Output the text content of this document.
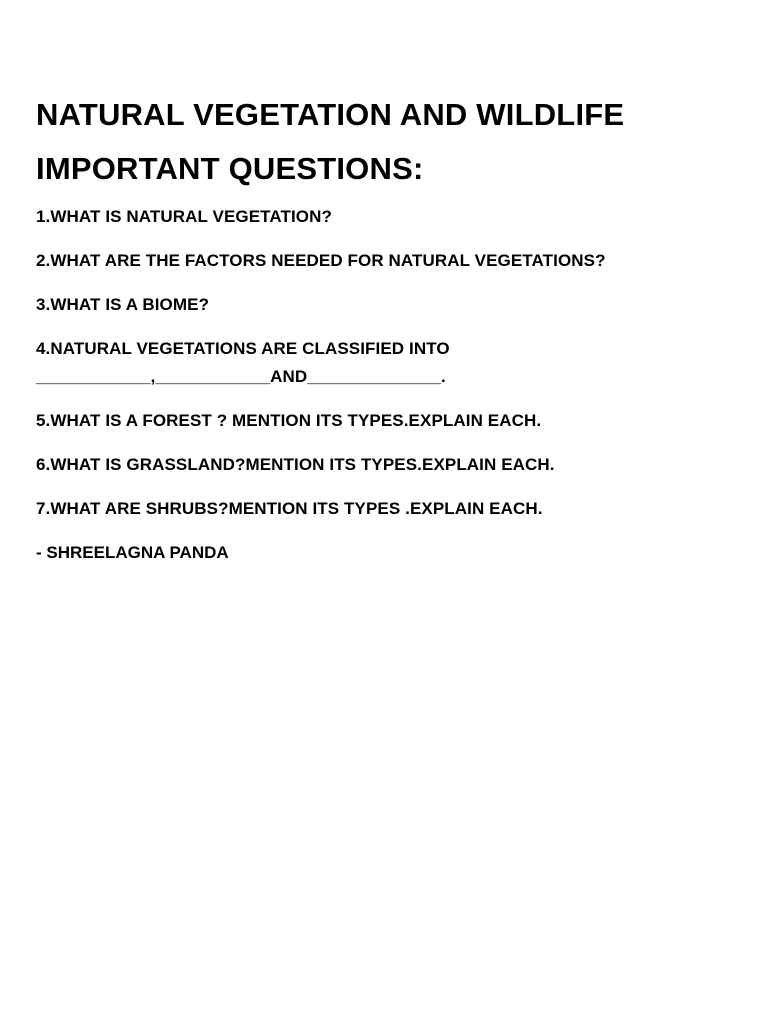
NATURAL VEGETATION AND WILDLIFE
IMPORTANT QUESTIONS:

1.WHAT IS NATURAL VEGETATION?

2.WHAT ARE THE FACTORS NEEDED FOR NATURAL VEGETATIONS?

3.WHAT IS A BIOME?

4.NATURAL VEGETATIONS ARE CLASSIFIED INTO
____________,____________AND______________.

5.WHAT IS A FOREST ? MENTION ITS TYPES.EXPLAIN EACH.

6.WHAT IS GRASSLAND?MENTION ITS TYPES.EXPLAIN EACH.

7.WHAT ARE SHRUBS?MENTION ITS TYPES .EXPLAIN EACH.

- SHREELAGNA PANDA
